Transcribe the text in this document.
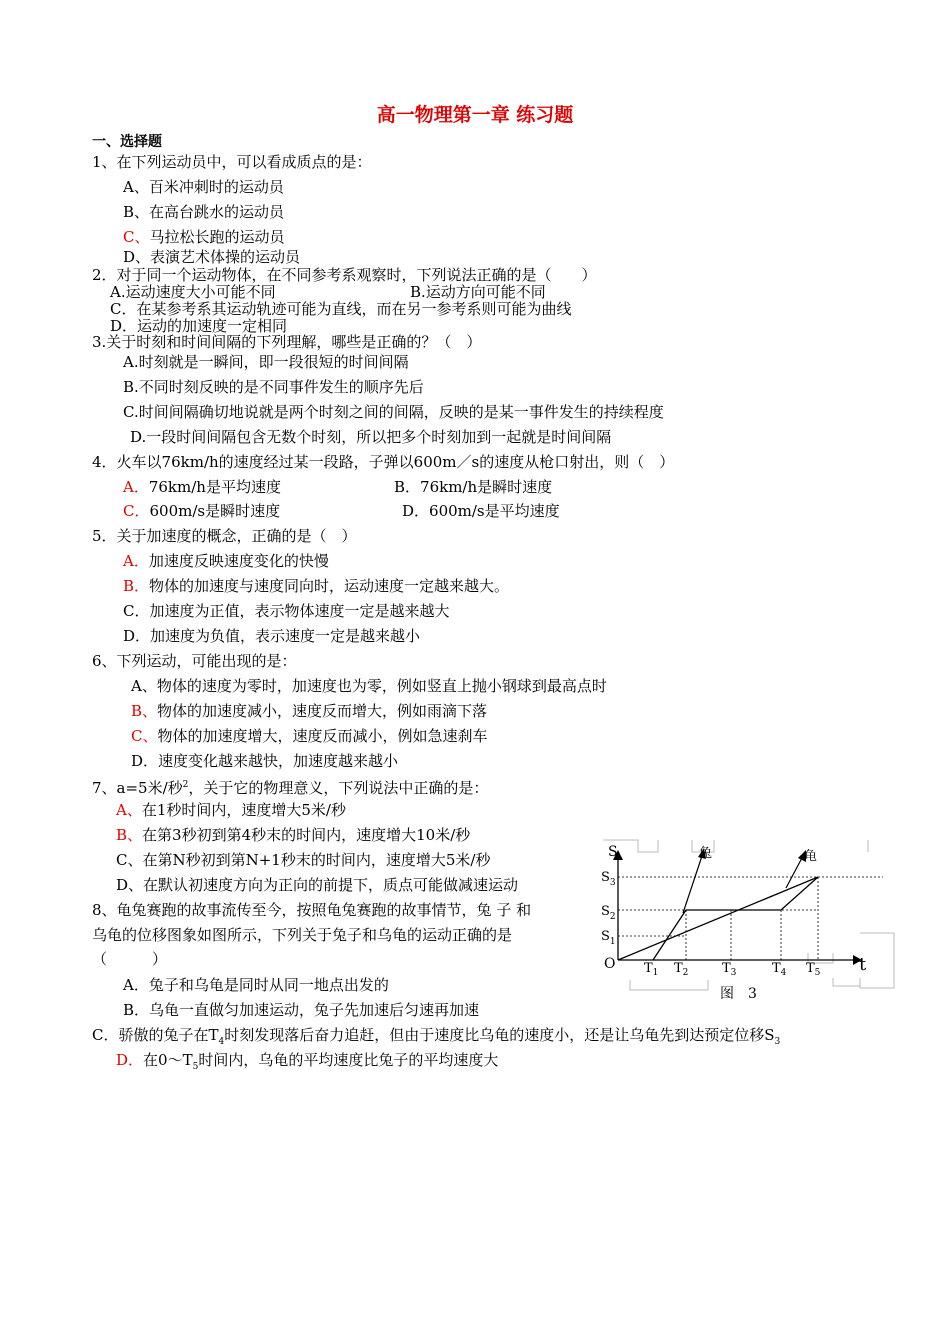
高一物理第一章 练习题
一、选择题
1、在下列运动员中，可以看成质点的是：
A、百米冲刺时的运动员
B、在高台跳水的运动员
C、马拉松长跑的运动员
D、表演艺术体操的运动员
2．对于同一个运动物体，在不同参考系观察时，下列说法正确的是（　　）
A.运动速度大小可能不同	B.运动方向可能不同
C．在某参考系其运动轨迹可能为直线，而在另一参考系则可能为曲线
D．运动的加速度一定相同
3.关于时刻和时间间隔的下列理解，哪些是正确的？（　）
A.时刻就是一瞬间，即一段很短的时间间隔
B.不同时刻反映的是不同事件发生的顺序先后
C.时间间隔确切地说就是两个时刻之间的间隔，反映的是某一事件发生的持续程度
D.一段时间间隔包含无数个时刻，所以把多个时刻加到一起就是时间间隔
4．火车以76km/h的速度经过某一段路，子弹以600m／s的速度从枪口射出，则（　）
A．76km/h是平均速度	B．76km/h是瞬时速度
C．600m/s是瞬时速度	D．600m/s是平均速度
5．关于加速度的概念，正确的是（　）
A．加速度反映速度变化的快慢
B．物体的加速度与速度同向时，运动速度一定越来越大。
C．加速度为正值，表示物体速度一定是越来越大
D．加速度为负值，表示速度一定是越来越小
6、下列运动，可能出现的是：
A、物体的速度为零时，加速度也为零，例如竖直上抛小钢球到最高点时
B、物体的加速度减小，速度反而增大，例如雨滴下落
C、物体的加速度增大，速度反而减小，例如急速刹车
D．速度变化越来越快，加速度越来越小
7、a=5米/秒$^2$，关于它的物理意义，下列说法中正确的是：
A、在1秒时间内，速度增大5米/秒
B、在第3秒初到第4秒末的时间内，速度增大10米/秒
C、在第N秒初到第N+1秒末的时间内，速度增大5米/秒
D、在默认初速度方向为正向的前提下，质点可能做减速运动
8、龟兔赛跑的故事流传至今，按照龟兔赛跑的故事情节，兔 子 和
乌龟的位移图象如图所示，下列关于兔子和乌龟的运动正确的是
（　　　）
A．兔子和乌龟是同时从同一地点出发的
B．乌龟一直做匀加速运动，兔子先加速后匀速再加速
C．骄傲的兔子在$T_4$时刻发现落后奋力追赶，但由于速度比乌龟的速度小，还是让乌龟先到达预定位移$S_3$
D．在$0\sim T_5$时间内，乌龟的平均速度比兔子的平均速度大
S
$S_3$
$S_2$
$S_1$
O	t
$T_1$ $T_2$	$T_3$	$T_4$ $T_5$
兔	龟
图　3
